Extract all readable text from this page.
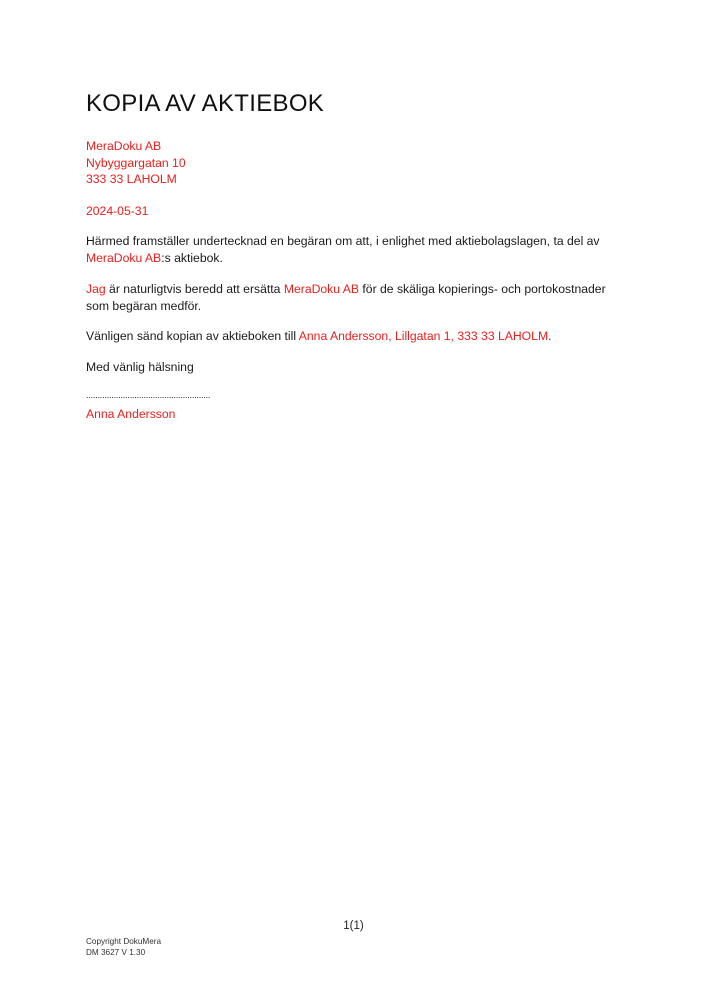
KOPIA AV AKTIEBOK
MeraDoku AB
Nybyggargatan 10
333 33 LAHOLM
2024-05-31
Härmed framställer undertecknad en begäran om att, i enlighet med aktiebolagslagen, ta del av
MeraDoku AB:s aktiebok.
Jag är naturligtvis beredd att ersätta MeraDoku AB för de skäliga kopierings- och portokostnader
som begäran medför.
Vänligen sänd kopian av aktieboken till Anna Andersson, Lillgatan 1, 333 33 LAHOLM.
Med vänlig hälsning
......................................................
Anna Andersson
1(1)
Copyright DokuMera
DM 3627 V 1.30
